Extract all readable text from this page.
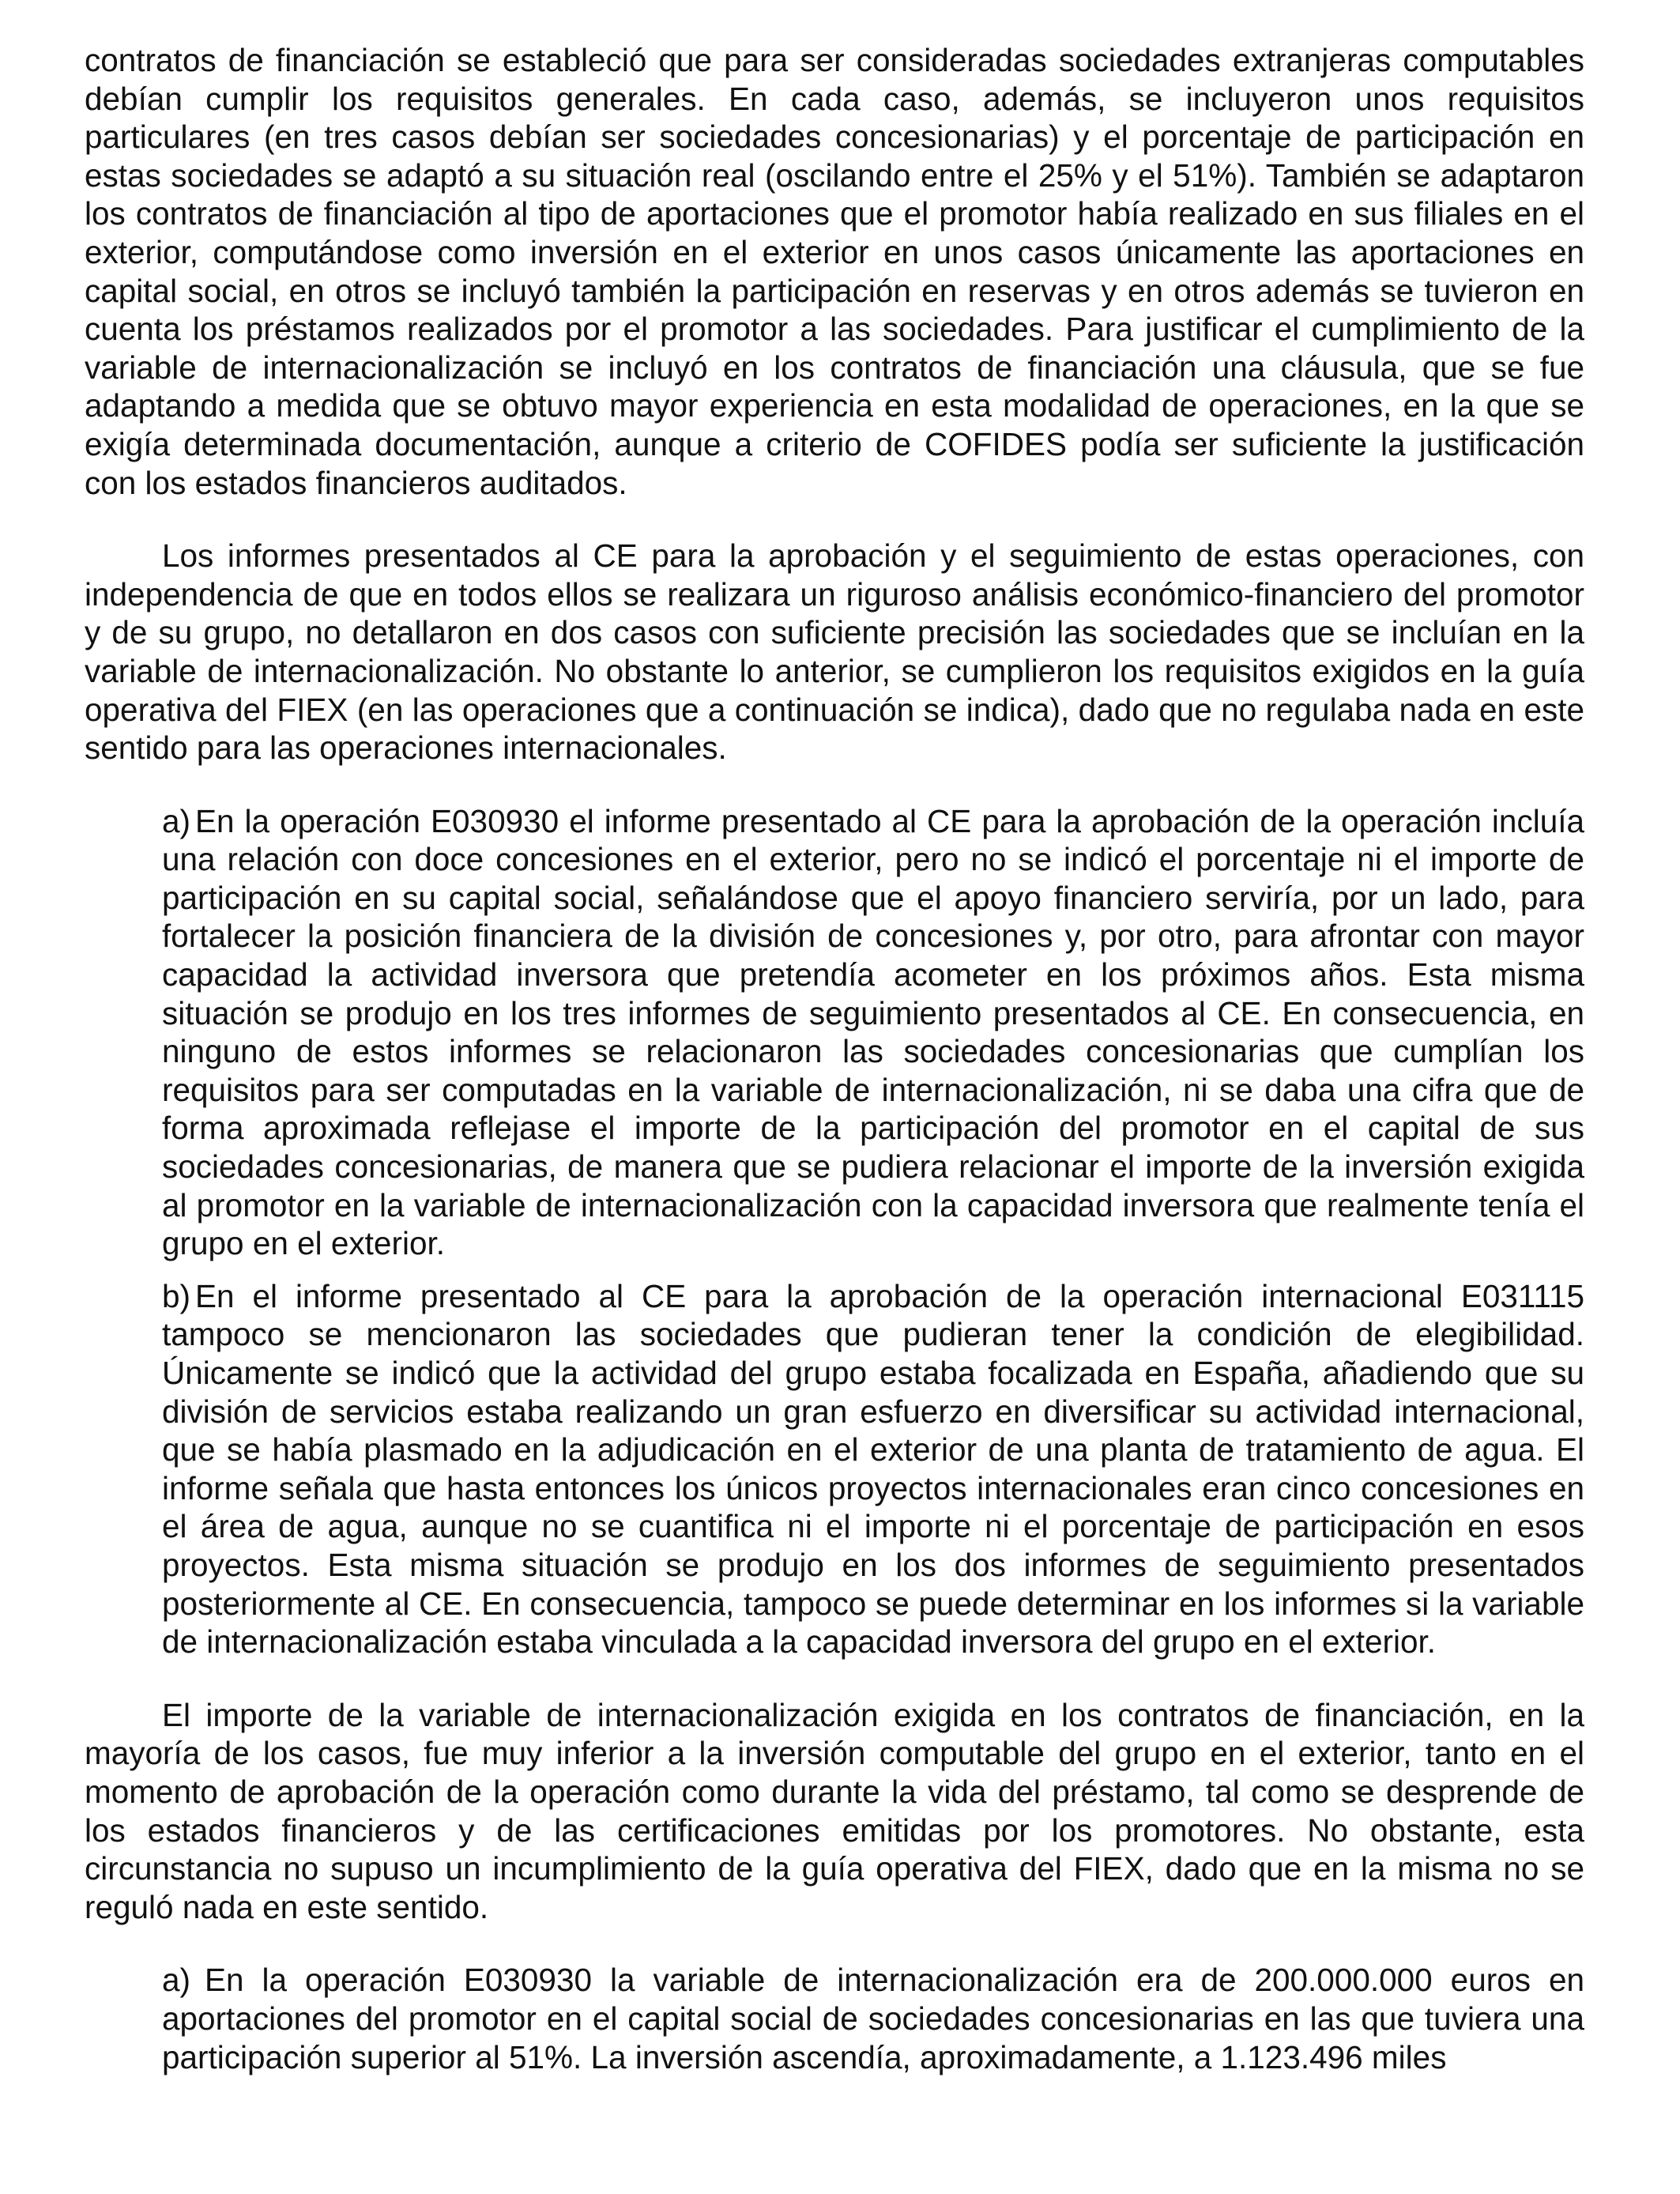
contratos de financiación se estableció que para ser consideradas sociedades extranjeras computables debían cumplir los requisitos generales. En cada caso, además, se incluyeron unos requisitos particulares (en tres casos debían ser sociedades concesionarias) y el porcentaje de participación en estas sociedades se adaptó a su situación real (oscilando entre el 25% y el 51%). También se adaptaron los contratos de financiación al tipo de aportaciones que el promotor había realizado en sus filiales en el exterior, computándose como inversión en el exterior en unos casos únicamente las aportaciones en capital social, en otros se incluyó también la participación en reservas y en otros además se tuvieron en cuenta los préstamos realizados por el promotor a las sociedades. Para justificar el cumplimiento de la variable de internacionalización se incluyó en los contratos de financiación una cláusula, que se fue adaptando a medida que se obtuvo mayor experiencia en esta modalidad de operaciones, en la que se exigía determinada documentación, aunque a criterio de COFIDES podía ser suficiente la justificación con los estados financieros auditados.

Los informes presentados al CE para la aprobación y el seguimiento de estas operaciones, con independencia de que en todos ellos se realizara un riguroso análisis económico-financiero del promotor y de su grupo, no detallaron en dos casos con suficiente precisión las sociedades que se incluían en la variable de internacionalización. No obstante lo anterior, se cumplieron los requisitos exigidos en la guía operativa del FIEX (en las operaciones que a continuación se indica), dado que no regulaba nada en este sentido para las operaciones internacionales.

a) En la operación E030930 el informe presentado al CE para la aprobación de la operación incluía una relación con doce concesiones en el exterior, pero no se indicó el porcentaje ni el importe de participación en su capital social, señalándose que el apoyo financiero serviría, por un lado, para fortalecer la posición financiera de la división de concesiones y, por otro, para afrontar con mayor capacidad la actividad inversora que pretendía acometer en los próximos años. Esta misma situación se produjo en los tres informes de seguimiento presentados al CE. En consecuencia, en ninguno de estos informes se relacionaron las sociedades concesionarias que cumplían los requisitos para ser computadas en la variable de internacionalización, ni se daba una cifra que de forma aproximada reflejase el importe de la participación del promotor en el capital de sus sociedades concesionarias, de manera que se pudiera relacionar el importe de la inversión exigida al promotor en la variable de internacionalización con la capacidad inversora que realmente tenía el grupo en el exterior.
b) En el informe presentado al CE para la aprobación de la operación internacional E031115 tampoco se mencionaron las sociedades que pudieran tener la condición de elegibilidad. Únicamente se indicó que la actividad del grupo estaba focalizada en España, añadiendo que su división de servicios estaba realizando un gran esfuerzo en diversificar su actividad internacional, que se había plasmado en la adjudicación en el exterior de una planta de tratamiento de agua. El informe señala que hasta entonces los únicos proyectos internacionales eran cinco concesiones en el área de agua, aunque no se cuantifica ni el importe ni el porcentaje de participación en esos proyectos. Esta misma situación se produjo en los dos informes de seguimiento presentados posteriormente al CE. En consecuencia, tampoco se puede determinar en los informes si la variable de internacionalización estaba vinculada a la capacidad inversora del grupo en el exterior.

El importe de la variable de internacionalización exigida en los contratos de financiación, en la mayoría de los casos, fue muy inferior a la inversión computable del grupo en el exterior, tanto en el momento de aprobación de la operación como durante la vida del préstamo, tal como se desprende de los estados financieros y de las certificaciones emitidas por los promotores. No obstante, esta circunstancia no supuso un incumplimiento de la guía operativa del FIEX, dado que en la misma no se reguló nada en este sentido.

a) En la operación E030930 la variable de internacionalización era de 200.000.000 euros en aportaciones del promotor en el capital social de sociedades concesionarias en las que tuviera una participación superior al 51%. La inversión ascendía, aproximadamente, a 1.123.496 miles
